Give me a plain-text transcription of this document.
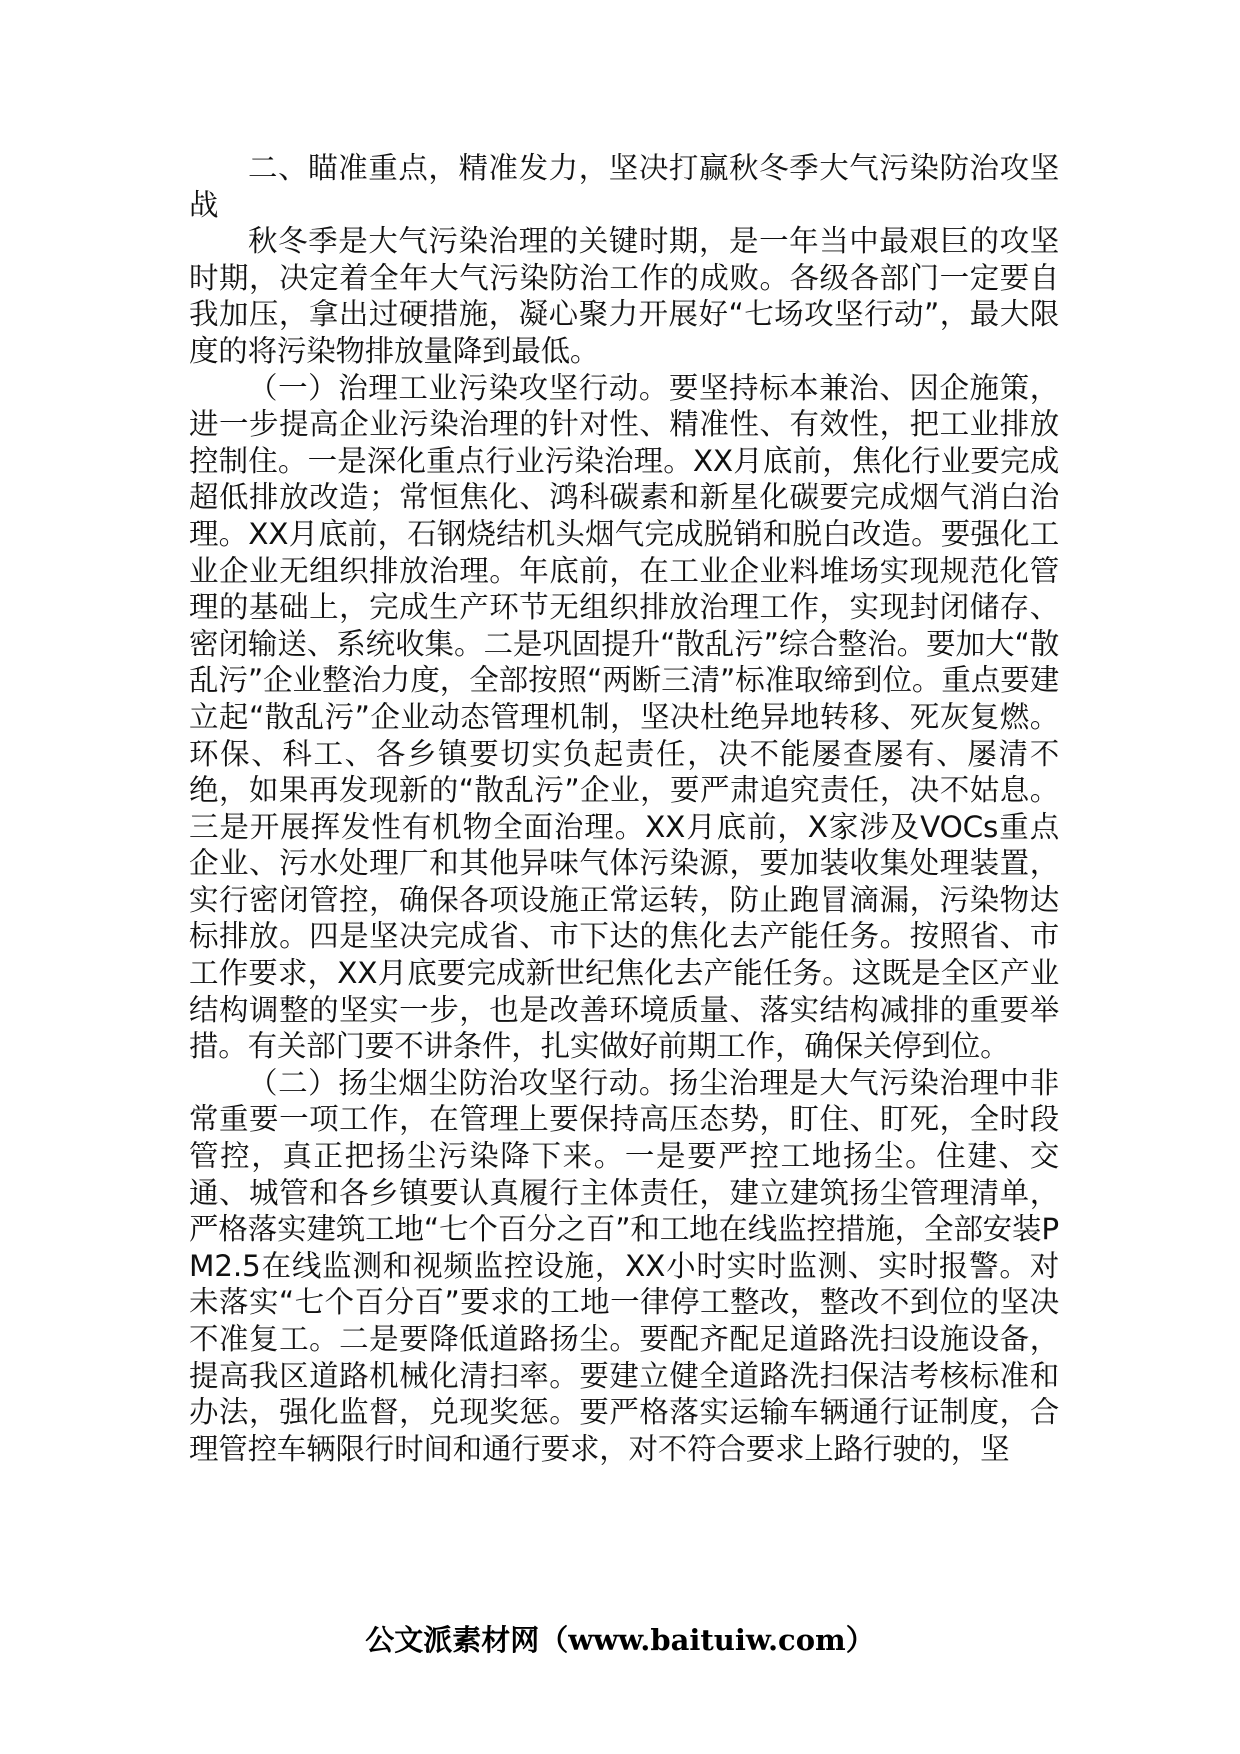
二、瞄准重点，精准发力，坚决打赢秋冬季大气污染防治攻坚战

秋冬季是大气污染治理的关键时期，是一年当中最艰巨的攻坚时期，决定着全年大气污染防治工作的成败。各级各部门一定要自我加压，拿出过硬措施，凝心聚力开展好“七场攻坚行动”，最大限度的将污染物排放量降到最低。

（一）治理工业污染攻坚行动。要坚持标本兼治、因企施策，进一步提高企业污染治理的针对性、精准性、有效性，把工业排放控制住。一是深化重点行业污染治理。XX月底前，焦化行业要完成超低排放改造；常恒焦化、鸿科碳素和新星化碳要完成烟气消白治理。XX月底前，石钢烧结机头烟气完成脱销和脱白改造。要强化工业企业无组织排放治理。年底前，在工业企业料堆场实现规范化管理的基础上，完成生产环节无组织排放治理工作，实现封闭储存、密闭输送、系统收集。二是巩固提升“散乱污”综合整治。要加大“散乱污”企业整治力度，全部按照“两断三清”标准取缔到位。重点要建立起“散乱污”企业动态管理机制，坚决杜绝异地转移、死灰复燃。环保、科工、各乡镇要切实负起责任，决不能屡查屡有、屡清不绝，如果再发现新的“散乱污”企业，要严肃追究责任，决不姑息。三是开展挥发性有机物全面治理。XX月底前，X家涉及VOCs重点企业、污水处理厂和其他异味气体污染源，要加装收集处理装置，实行密闭管控，确保各项设施正常运转，防止跑冒滴漏，污染物达标排放。四是坚决完成省、市下达的焦化去产能任务。按照省、市工作要求，XX月底要完成新世纪焦化去产能任务。这既是全区产业结构调整的坚实一步，也是改善环境质量、落实结构减排的重要举措。有关部门要不讲条件，扎实做好前期工作，确保关停到位。

（二）扬尘烟尘防治攻坚行动。扬尘治理是大气污染治理中非常重要一项工作，在管理上要保持高压态势，盯住、盯死，全时段管控，真正把扬尘污染降下来。一是要严控工地扬尘。住建、交通、城管和各乡镇要认真履行主体责任，建立建筑扬尘管理清单，严格落实建筑工地“七个百分之百”和工地在线监控措施，全部安装PM2.5在线监测和视频监控设施，XX小时实时监测、实时报警。对未落实“七个百分百”要求的工地一律停工整改，整改不到位的坚决不准复工。二是要降低道路扬尘。要配齐配足道路洗扫设施设备，提高我区道路机械化清扫率。要建立健全道路洗扫保洁考核标准和办法，强化监督，兑现奖惩。要严格落实运输车辆通行证制度，合理管控车辆限行时间和通行要求，对不符合要求上路行驶的，坚

公文派素材网（www.baituiw.com）
